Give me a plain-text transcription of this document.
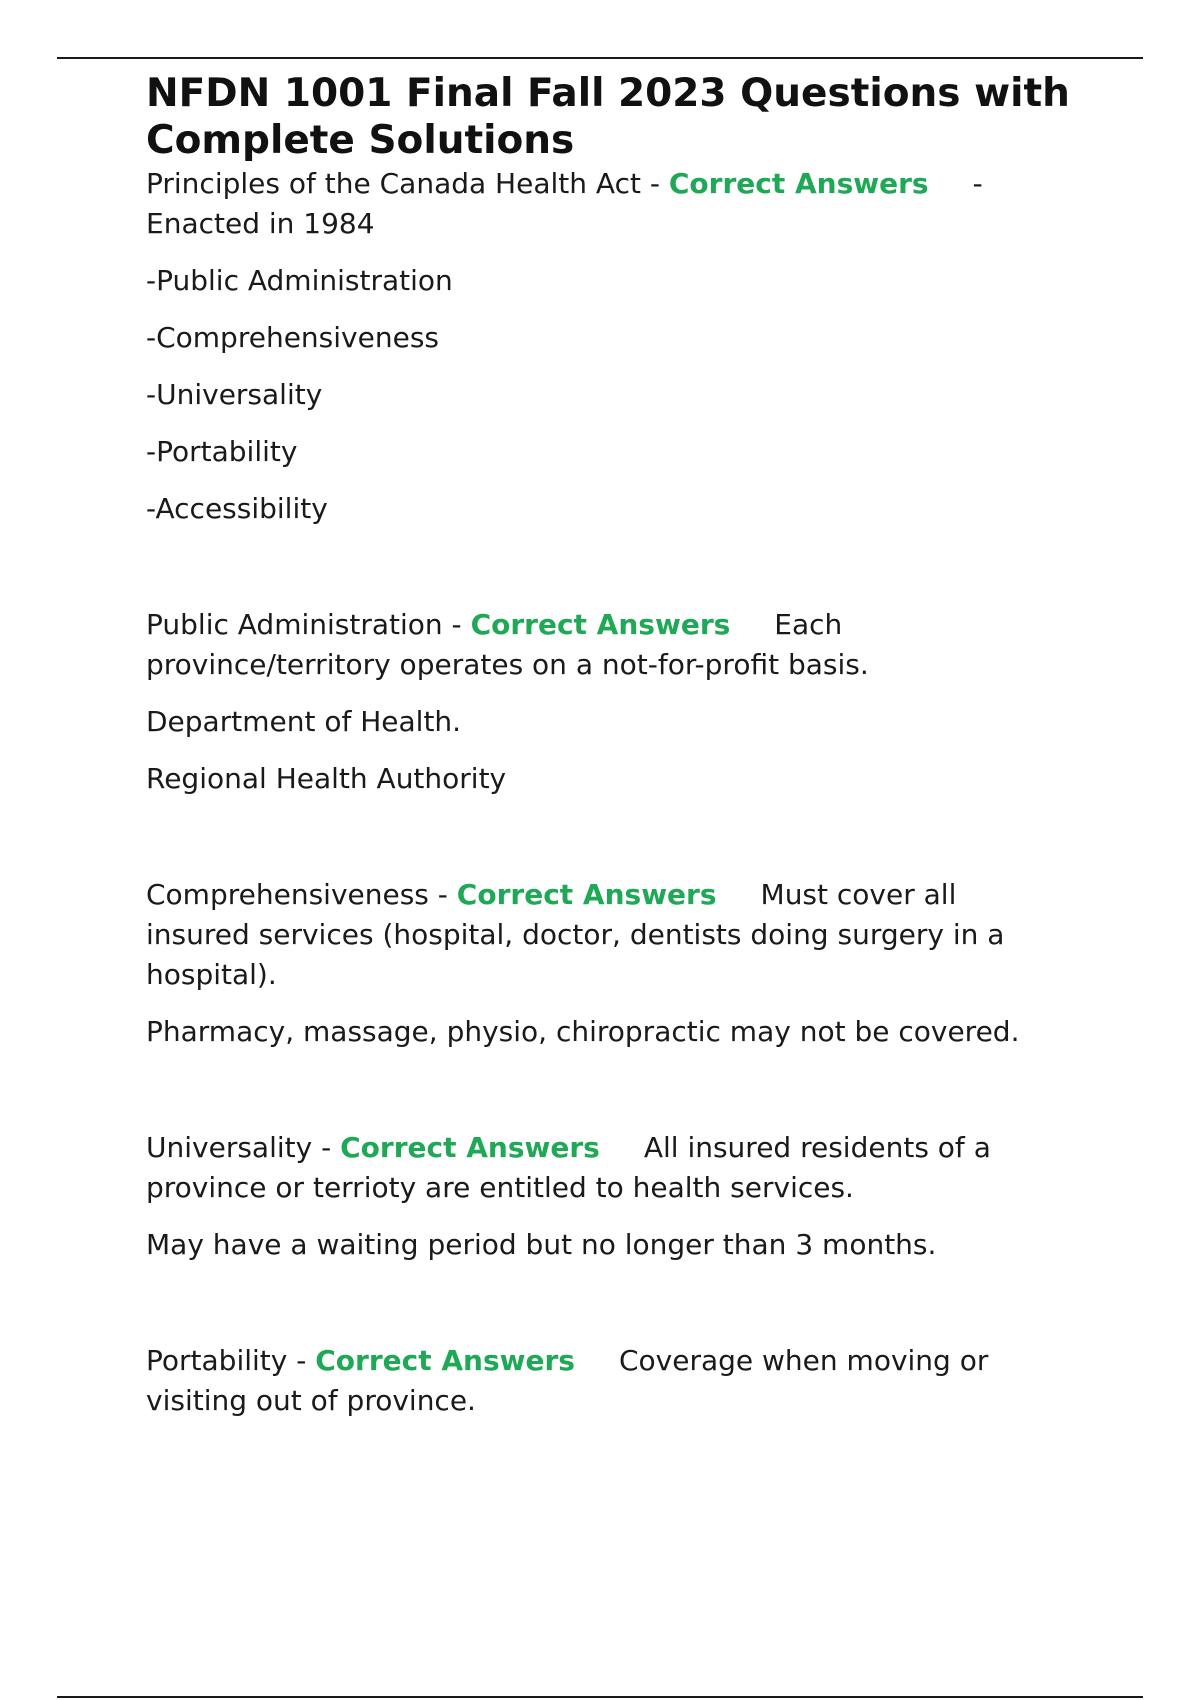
NFDN 1001 Final Fall 2023 Questions with Complete Solutions

Principles of the Canada Health Act - Correct Answers -
Enacted in 1984

-Public Administration

-Comprehensiveness

-Universality

-Portability

-Accessibility

Public Administration - Correct Answers Each
province/territory operates on a not-for-profit basis.

Department of Health.

Regional Health Authority

Comprehensiveness - Correct Answers Must cover all
insured services (hospital, doctor, dentists doing surgery in a hospital).

Pharmacy, massage, physio, chiropractic may not be covered.

Universality - Correct Answers All insured residents of a
province or terrioty are entitled to health services.

May have a waiting period but no longer than 3 months.

Portability - Correct Answers Coverage when moving or
visiting out of province.
